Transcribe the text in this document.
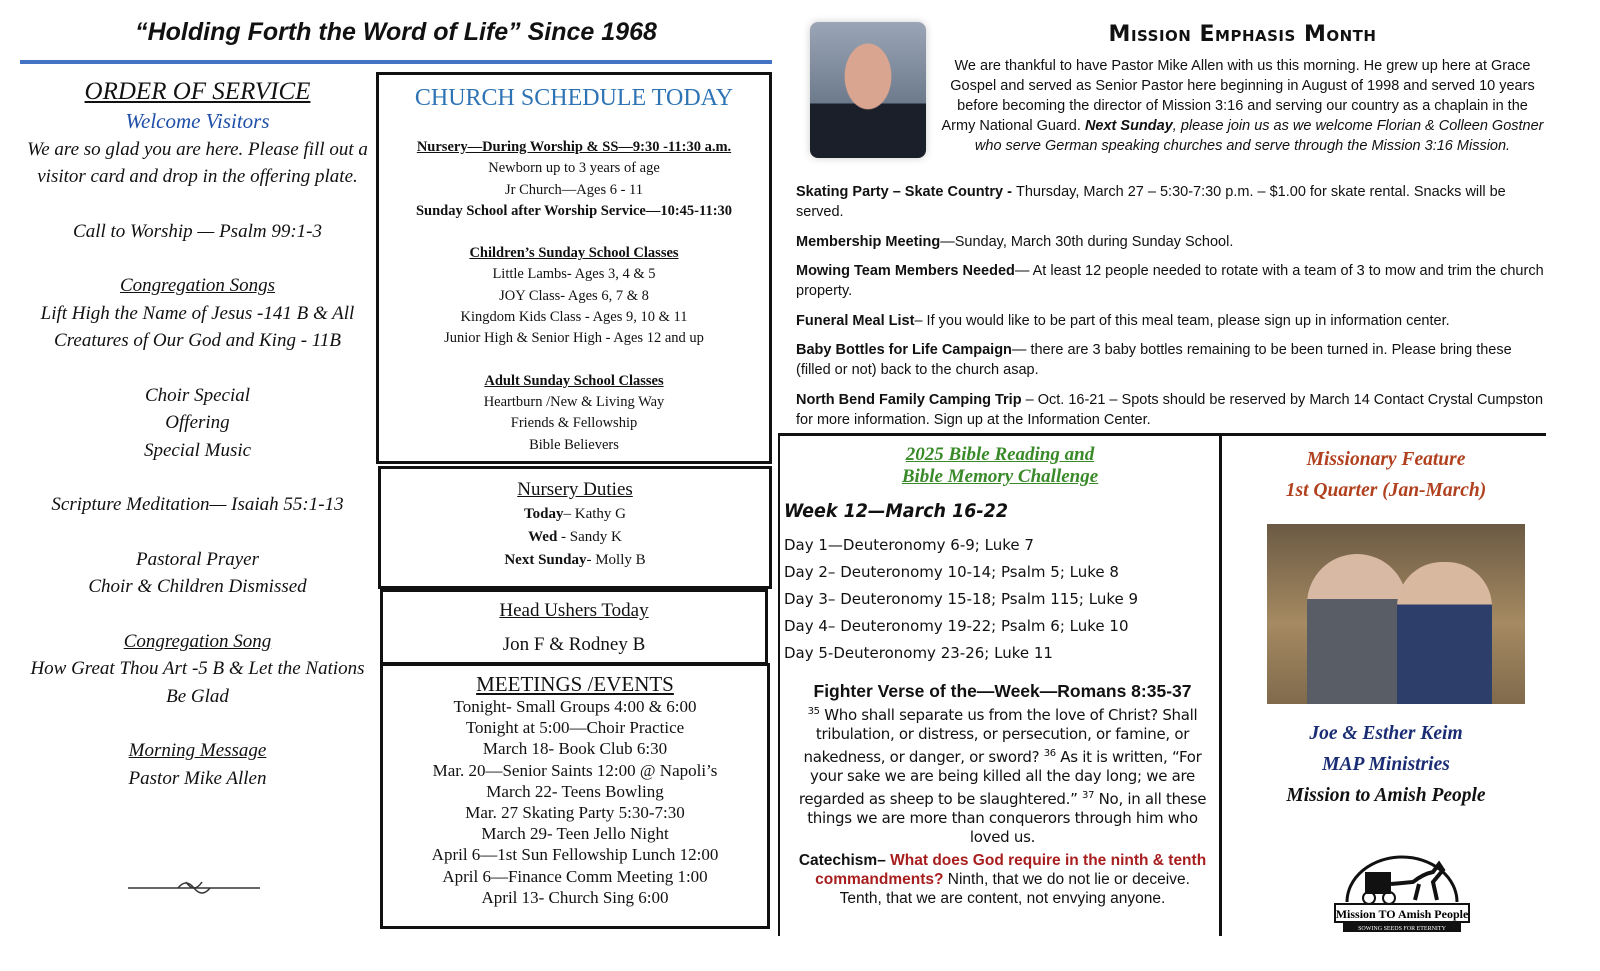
“Holding Forth the Word of Life” Since 1968
ORDER OF SERVICE
Welcome Visitors
We are so glad you are here. Please fill out a visitor card and drop in the offering plate.
Call to Worship — Psalm 99:1-3
Congregation Songs
Lift High the Name of Jesus -141 B & All Creatures of Our God and King - 11B
Choir Special
Offering
Special Music
Scripture Meditation— Isaiah 55:1-13
Pastoral Prayer
Choir & Children Dismissed
Congregation Song
How Great Thou Art -5 B & Let the Nations Be Glad
Morning Message
Pastor Mike Allen
CHURCH SCHEDULE TODAY
Nursery—During Worship & SS—9:30 -11:30 a.m.
Newborn up to 3 years of age
Jr Church—Ages 6 - 11
Sunday School after Worship Service—10:45-11:30
Children’s Sunday School Classes
Little Lambs- Ages 3, 4 & 5
JOY Class- Ages 6, 7 & 8
Kingdom Kids Class - Ages 9, 10 & 11
Junior High & Senior High - Ages 12 and up
Adult Sunday School Classes
Heartburn /New & Living Way
Friends & Fellowship
Bible Believers
Nursery Duties
Today– Kathy G
Wed - Sandy K
Next Sunday- Molly B
Head Ushers Today
Jon F & Rodney B
MEETINGS /EVENTS
Tonight- Small Groups 4:00 & 6:00
Tonight at 5:00—Choir Practice
March 18- Book Club 6:30
Mar. 20—Senior Saints 12:00 @ Napoli’s
March 22- Teens Bowling
Mar. 27 Skating Party 5:30-7:30
March 29- Teen Jello Night
April 6—1st Sun Fellowship Lunch 12:00
April 6—Finance Comm Meeting 1:00
April 13- Church Sing 6:00
Mission Emphasis Month
We are thankful to have Pastor Mike Allen with us this morning. He grew up here at Grace Gospel and served as Senior Pastor here beginning in August of 1998 and served 10 years before becoming the director of Mission 3:16 and serving our country as a chaplain in the Army National Guard. Next Sunday, please join us as we welcome Florian & Colleen Gostner who serve German speaking churches and serve through the Mission 3:16 Mission.

Skating Party – Skate Country - Thursday, March 27 – 5:30-7:30 p.m. – $1.00 for skate rental. Snacks will be served.

Membership Meeting—Sunday, March 30th during Sunday School.

Mowing Team Members Needed— At least 12 people needed to rotate with a team of 3 to mow and trim the church property.

Funeral Meal List– If you would like to be part of this meal team, please sign up in information center.

Baby Bottles for Life Campaign— there are 3 baby bottles remaining to be been turned in. Please bring these (filled or not) back to the church asap.

North Bend Family Camping Trip – Oct. 16-21 – Spots should be reserved by March 14 Contact Crystal Cumpston for more information. Sign up at the Information Center.

2025 Bible Reading and
Bible Memory Challenge
Week 12—March 16-22
Day 1—Deuteronomy 6-9; Luke 7
Day 2– Deuteronomy 10-14; Psalm 5; Luke 8
Day 3– Deuteronomy 15-18; Psalm 115; Luke 9
Day 4– Deuteronomy 19-22; Psalm 6; Luke 10
Day 5-Deuteronomy 23-26; Luke 11
Fighter Verse of the—Week—Romans 8:35-37
$^{35}$ Who shall separate us from the love of Christ? Shall tribulation, or distress, or persecution, or famine, or nakedness, or danger, or sword? $^{36}$ As it is written, “For your sake we are being killed all the day long; we are regarded as sheep to be slaughtered.” $^{37}$ No, in all these things we are more than conquerors through him who loved us.
Catechism– What does God require in the ninth & tenth commandments? Ninth, that we do not lie or deceive. Tenth, that we are content, not envying anyone.
Missionary Feature
1st Quarter (Jan-March)
Joe & Esther Keim
MAP Ministries
Mission to Amish People
Mission TO Amish People
SOWING SEEDS FOR ETERNITY
